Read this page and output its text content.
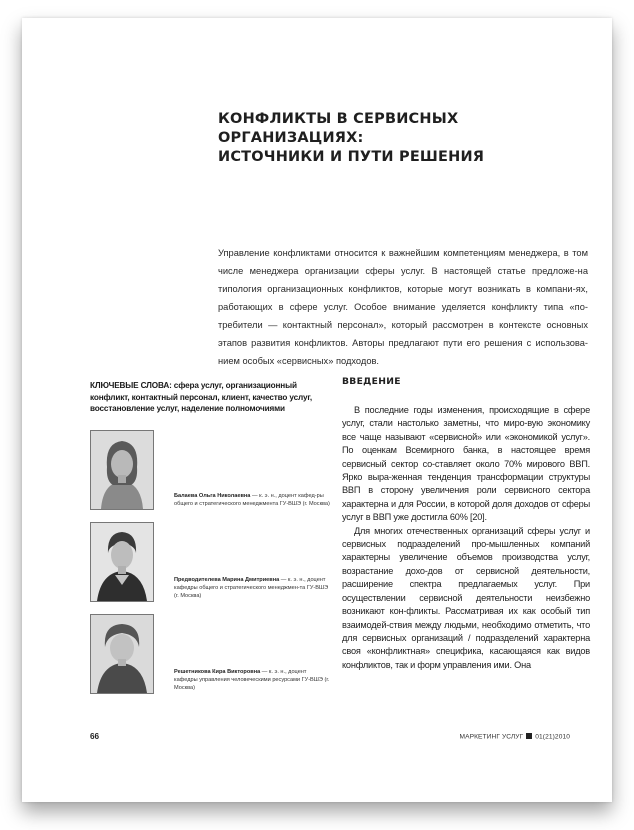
КОНФЛИКТЫ В СЕРВИСНЫХ ОРГАНИЗАЦИЯХ:
ИСТОЧНИКИ И ПУТИ РЕШЕНИЯ
Управление конфликтами относится к важнейшим компетенциям менеджера, в том числе менеджера организации сферы услуг. В настоящей статье предложе-на типология организационных конфликтов, которые могут возникать в компани-ях, работающих в сфере услуг. Особое внимание уделяется конфликту типа «по-требители — контактный персонал», который рассмотрен в контексте основных этапов развития конфликтов. Авторы предлагают пути его решения с использова-нием особых «сервисных» подходов.
КЛЮЧЕВЫЕ СЛОВА: сфера услуг, организационный конфликт, контактный персонал, клиент, качество услуг, восстановление услуг, наделение полномочиями
ВВЕДЕНИЕ

В последние годы изменения, происходящие в сфере услуг, стали настолько заметны, что миро-вую экономику все чаще называют «сервисной» или «экономикой услуг». По оценкам Всемирного банка, в настоящее время сервисный сектор со-ставляет около 70% мирового ВВП. Ярко выра-женная тенденция трансформации структуры ВВП в сторону увеличения роли сервисного сектора характерна и для России, в которой доля доходов от сферы услуг в ВВП уже достигла 60% [20].

Для многих отечественных организаций сферы услуг и сервисных подразделений про-мышленных компаний характерны увеличение объемов производства услуг, возрастание дохо-дов от сервисной деятельности, расширение спектра предлагаемых услуг. При осуществлении сервисной деятельности неизбежно возникают кон-фликты. Рассматривая их как особый тип взаимодей-ствия между людьми, необходимо отметить, что для сервисных организаций / подразделений характерна своя «конфликтная» специфика, касающаяся как видов конфликтов, так и форм управления ими. Она

Балаева Ольга Николаевна — к. э. н., доцент кафед-ры общего и стратегического менеджмента ГУ-ВШЭ (г. Москва)
Предводителева Марина Дмитриевна — к. э. н., доцент кафедры общего и стратегического менеджмен-та ГУ-ВШЭ (г. Москва)
Решетникова Кира Викторовна — к. э. н., доцент кафедры управления человеческими ресурсами ГУ-ВШЭ (г. Москва)
66	МАРКЕТИНГ УСЛУГ 01(21)2010
